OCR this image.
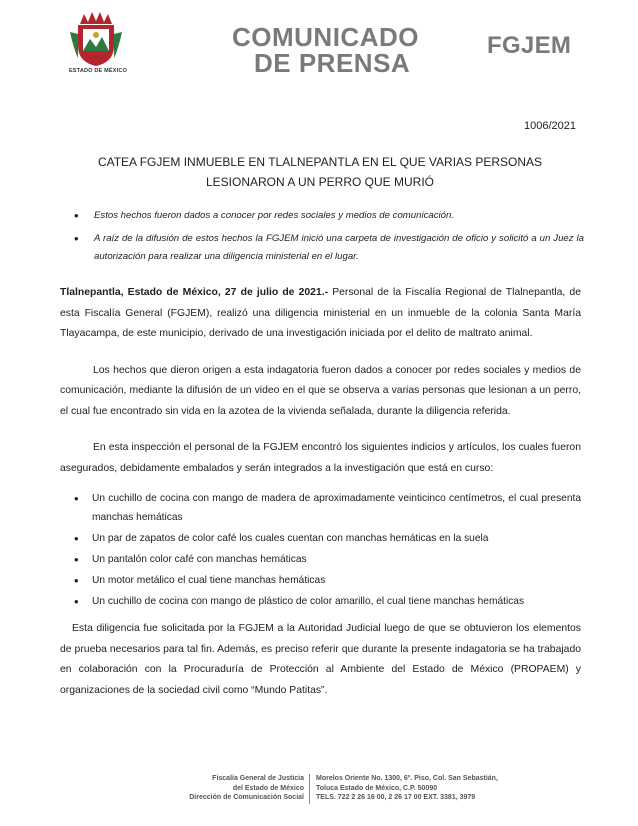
ESTADO DE MÉXICO
COMUNICADO
DE PRENSA
FGJEM
1006/2021
CATEA FGJEM INMUEBLE EN TLALNEPANTLA EN EL QUE VARIAS PERSONAS LESIONARON A UN PERRO QUE MURIÓ
• Estos hechos fueron dados a conocer por redes sociales y medios de comunicación.
• A raíz de la difusión de estos hechos la FGJEM inició una carpeta de investigación de oficio y solicitó a un Juez la autorización para realizar una diligencia ministerial en el lugar.

Tlalnepantla, Estado de México, 27 de julio de 2021.- Personal de la Fiscalía Regional de Tlalnepantla, de esta Fiscalía General (FGJEM), realizó una diligencia ministerial en un inmueble de la colonia Santa María Tlayacampa, de este municipio, derivado de una investigación iniciada por el delito de maltrato animal.

Los hechos que dieron origen a esta indagatoria fueron dados a conocer por redes sociales y medios de comunicación, mediante la difusión de un video en el que se observa a varias personas que lesionan a un perro, el cual fue encontrado sin vida en la azotea de la vivienda señalada, durante la diligencia referida.

En esta inspección el personal de la FGJEM encontró los siguientes indicios y artículos, los cuales fueron asegurados, debidamente embalados y serán integrados a la investigación que está en curso:

• Un cuchillo de cocina con mango de madera de aproximadamente veinticinco centímetros, el cual presenta manchas hemáticas
• Un par de zapatos de color café los cuales cuentan con manchas hemáticas en la suela
• Un pantalón color café con manchas hemáticas
• Un motor metálico el cual tiene manchas hemáticas
• Un cuchillo de cocina con mango de plástico de color amarillo, el cual tiene manchas hemáticas

Esta diligencia fue solicitada por la FGJEM a la Autoridad Judicial luego de que se obtuvieron los elementos de prueba necesarios para tal fin. Además, es preciso referir que durante la presente indagatoria se ha trabajado en colaboración con la Procuraduría de Protección al Ambiente del Estado de México (PROPAEM) y organizaciones de la sociedad civil como “Mundo Patitas”.

Fiscalía General de Justicia
del Estado de México
Dirección de Comunicación Social
Morelos Oriente No. 1300, 6º. Piso, Col. San Sebastián,
Toluca Estado de México, C.P. 50090
TELS. 722 2 26 16 00, 2 26 17 00 EXT. 3381, 3979
